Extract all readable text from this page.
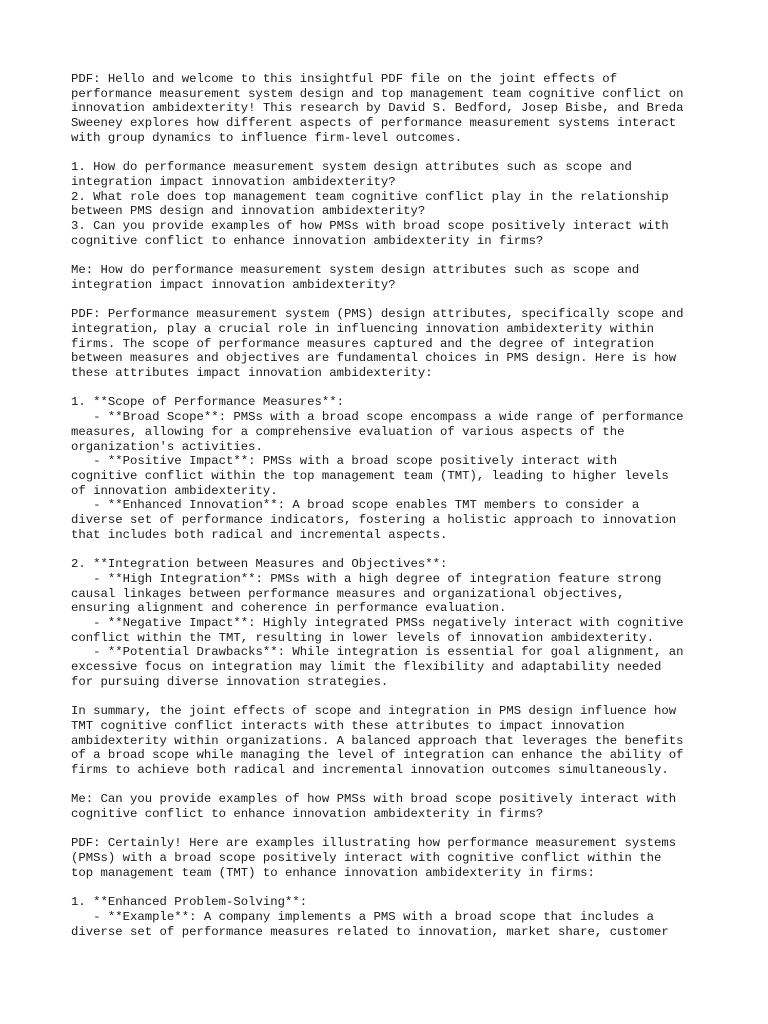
PDF: Hello and welcome to this insightful PDF file on the joint effects of
performance measurement system design and top management team cognitive conflict on
innovation ambidexterity! This research by David S. Bedford, Josep Bisbe, and Breda
Sweeney explores how different aspects of performance measurement systems interact
with group dynamics to influence firm-level outcomes.

1. How do performance measurement system design attributes such as scope and
integration impact innovation ambidexterity?
2. What role does top management team cognitive conflict play in the relationship
between PMS design and innovation ambidexterity?
3. Can you provide examples of how PMSs with broad scope positively interact with
cognitive conflict to enhance innovation ambidexterity in firms?

Me: How do performance measurement system design attributes such as scope and
integration impact innovation ambidexterity?

PDF: Performance measurement system (PMS) design attributes, specifically scope and
integration, play a crucial role in influencing innovation ambidexterity within
firms. The scope of performance measures captured and the degree of integration
between measures and objectives are fundamental choices in PMS design. Here is how
these attributes impact innovation ambidexterity:

1. **Scope of Performance Measures**:
- **Broad Scope**: PMSs with a broad scope encompass a wide range of performance
measures, allowing for a comprehensive evaluation of various aspects of the
organization's activities.
- **Positive Impact**: PMSs with a broad scope positively interact with
cognitive conflict within the top management team (TMT), leading to higher levels
of innovation ambidexterity.
- **Enhanced Innovation**: A broad scope enables TMT members to consider a
diverse set of performance indicators, fostering a holistic approach to innovation
that includes both radical and incremental aspects.

2. **Integration between Measures and Objectives**:
- **High Integration**: PMSs with a high degree of integration feature strong
causal linkages between performance measures and organizational objectives,
ensuring alignment and coherence in performance evaluation.
- **Negative Impact**: Highly integrated PMSs negatively interact with cognitive
conflict within the TMT, resulting in lower levels of innovation ambidexterity.
- **Potential Drawbacks**: While integration is essential for goal alignment, an
excessive focus on integration may limit the flexibility and adaptability needed
for pursuing diverse innovation strategies.

In summary, the joint effects of scope and integration in PMS design influence how
TMT cognitive conflict interacts with these attributes to impact innovation
ambidexterity within organizations. A balanced approach that leverages the benefits
of a broad scope while managing the level of integration can enhance the ability of
firms to achieve both radical and incremental innovation outcomes simultaneously.

Me: Can you provide examples of how PMSs with broad scope positively interact with
cognitive conflict to enhance innovation ambidexterity in firms?

PDF: Certainly! Here are examples illustrating how performance measurement systems
(PMSs) with a broad scope positively interact with cognitive conflict within the
top management team (TMT) to enhance innovation ambidexterity in firms:

1. **Enhanced Problem-Solving**:
- **Example**: A company implements a PMS with a broad scope that includes a
diverse set of performance measures related to innovation, market share, customer
